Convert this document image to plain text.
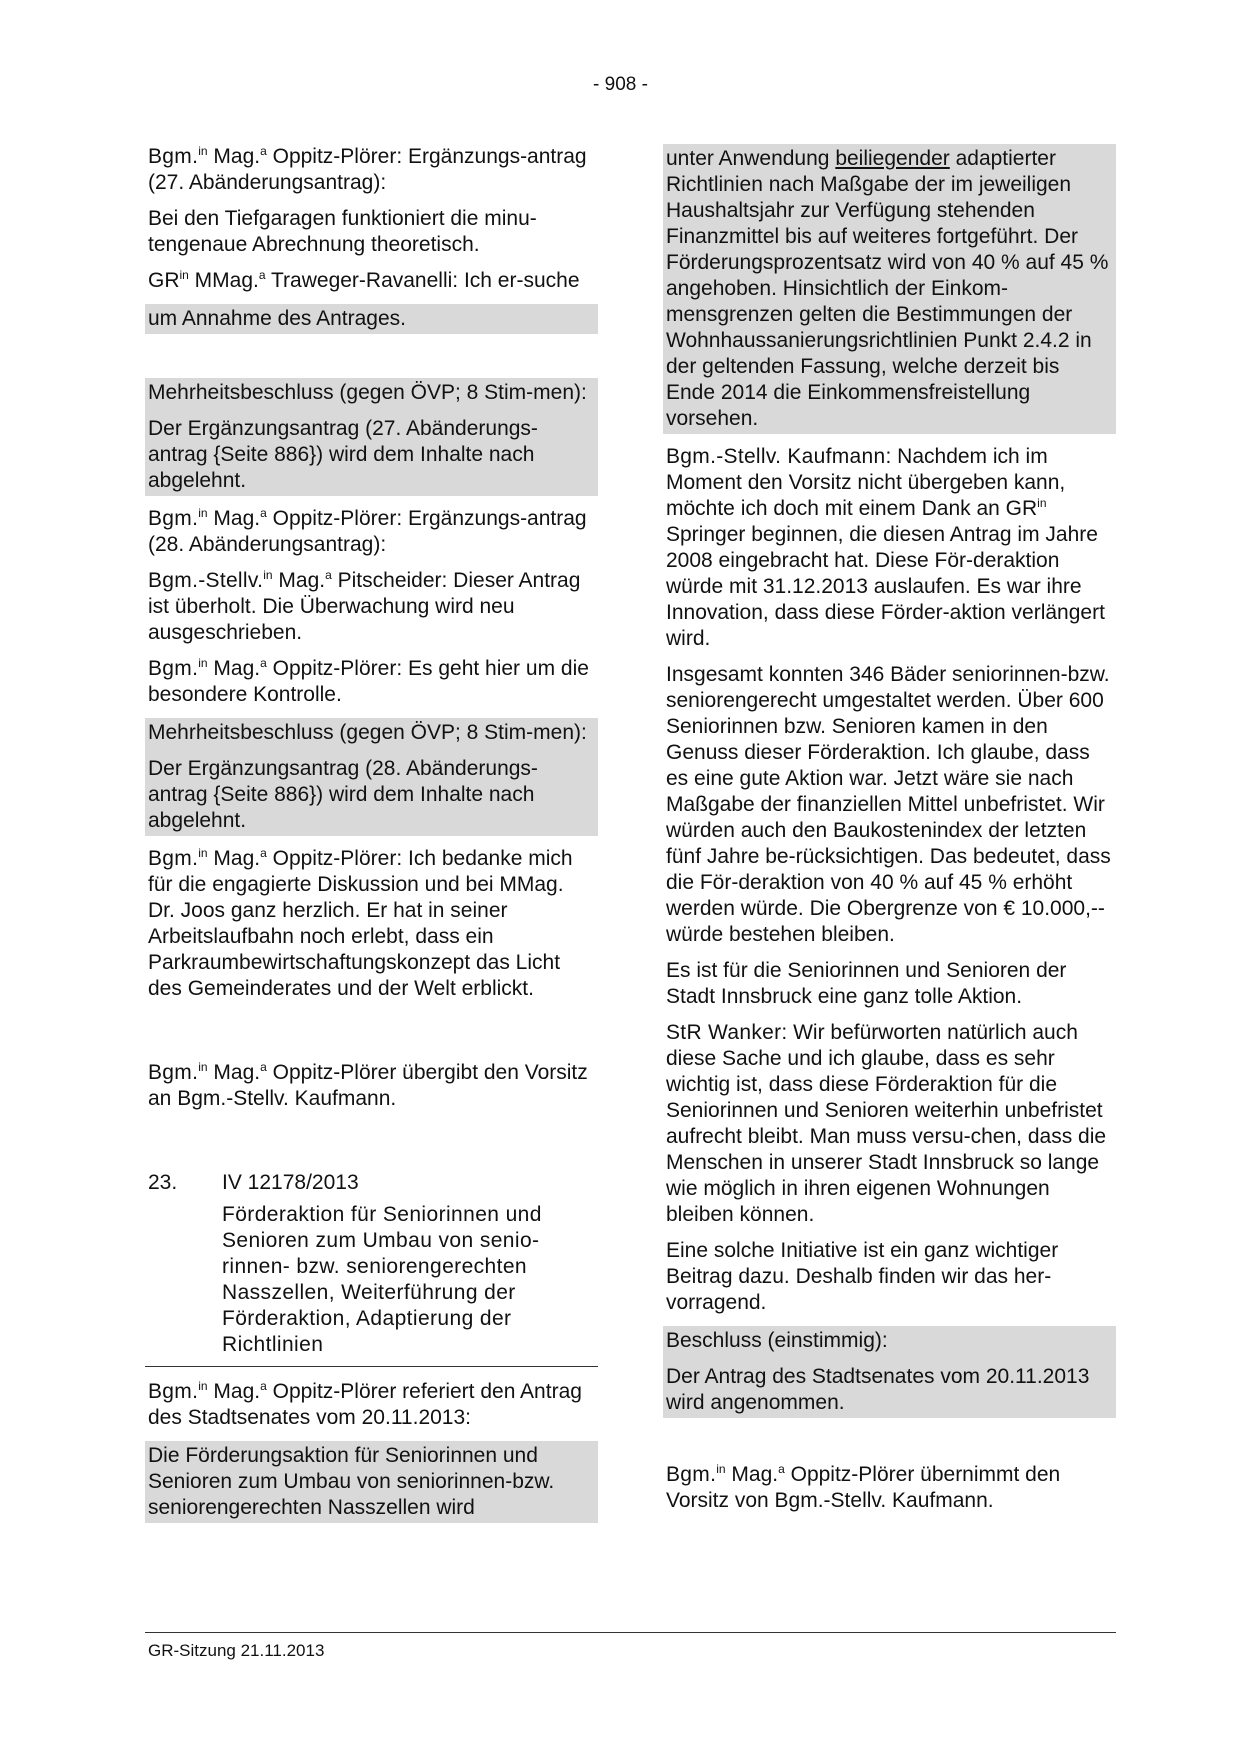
- 908 -

Bgm.$^{in}$ Mag.$^a$ Oppitz-Plörer: Ergänzungs-antrag (27. Abänderungsantrag):

Bei den Tiefgaragen funktioniert die minu-tengenaue Abrechnung theoretisch.

$GR^{in}$ MMag.$^a$ Traweger-Ravanelli: Ich er-suche

um Annahme des Antrages.

Mehrheitsbeschluss (gegen ÖVP; 8 Stim-men):

Der Ergänzungsantrag (27. Abänderungs-antrag {Seite 886}) wird dem Inhalte nach abgelehnt.

Bgm.$^{in}$ Mag.$^a$ Oppitz-Plörer: Ergänzungs-antrag (28. Abänderungsantrag):

Bgm.-Stellv.$^{in}$ Mag.$^a$ Pitscheider: Dieser Antrag ist überholt. Die Überwachung wird neu ausgeschrieben.

Bgm.$^{in}$ Mag.$^a$ Oppitz-Plörer: Es geht hier um die besondere Kontrolle.

Mehrheitsbeschluss (gegen ÖVP; 8 Stim-men):

Der Ergänzungsantrag (28. Abänderungs-antrag {Seite 886}) wird dem Inhalte nach abgelehnt.

Bgm.$^{in}$ Mag.$^a$ Oppitz-Plörer: Ich bedanke mich für die engagierte Diskussion und bei MMag. Dr. Joos ganz herzlich. Er hat in seiner Arbeitslaufbahn noch erlebt, dass ein Parkraumbewirtschaftungskonzept das Licht des Gemeinderates und der Welt erblickt.

Bgm.$^{in}$ Mag.$^a$ Oppitz-Plörer übergibt den Vorsitz an Bgm.-Stellv. Kaufmann.

23.	IV 12178/2013

Förderaktion für Seniorinnen und Senioren zum Umbau von senio-rinnen- bzw. seniorengerechten Nasszellen, Weiterführung der Förderaktion, Adaptierung der Richtlinien

Bgm.$^{in}$ Mag.$^a$ Oppitz-Plörer referiert den Antrag des Stadtsenates vom 20.11.2013:

Die Förderungsaktion für Seniorinnen und Senioren zum Umbau von seniorinnen-bzw. seniorengerechten Nasszellen wird

unter Anwendung beiliegender adaptierter Richtlinien nach Maßgabe der im jeweiligen Haushaltsjahr zur Verfügung stehenden Finanzmittel bis auf weiteres fortgeführt. Der Förderungsprozentsatz wird von 40 % auf 45 % angehoben. Hinsichtlich der Einkom-mensgrenzen gelten die Bestimmungen der Wohnhaussanierungsrichtlinien Punkt 2.4.2 in der geltenden Fassung, welche derzeit bis Ende 2014 die Einkommensfreistellung vorsehen.

Bgm.-Stellv. Kaufmann: Nachdem ich im Moment den Vorsitz nicht übergeben kann, möchte ich doch mit einem Dank an $GR^{in}$ Springer beginnen, die diesen Antrag im Jahre 2008 eingebracht hat. Diese För-deraktion würde mit 31.12.2013 auslaufen. Es war ihre Innovation, dass diese Förder-aktion verlängert wird.

Insgesamt konnten 346 Bäder seniorinnen-bzw. seniorengerecht umgestaltet werden. Über 600 Seniorinnen bzw. Senioren kamen in den Genuss dieser Förderaktion. Ich glaube, dass es eine gute Aktion war. Jetzt wäre sie nach Maßgabe der finanziellen Mittel unbefristet. Wir würden auch den Baukostenindex der letzten fünf Jahre be-rücksichtigen. Das bedeutet, dass die För-deraktion von 40 % auf 45 % erhöht werden würde. Die Obergrenze von € 10.000,-- würde bestehen bleiben.

Es ist für die Seniorinnen und Senioren der Stadt Innsbruck eine ganz tolle Aktion.

StR Wanker: Wir befürworten natürlich auch diese Sache und ich glaube, dass es sehr wichtig ist, dass diese Förderaktion für die Seniorinnen und Senioren weiterhin unbefristet aufrecht bleibt. Man muss versu-chen, dass die Menschen in unserer Stadt Innsbruck so lange wie möglich in ihren eigenen Wohnungen bleiben können.

Eine solche Initiative ist ein ganz wichtiger Beitrag dazu. Deshalb finden wir das her-vorragend.

Beschluss (einstimmig):

Der Antrag des Stadtsenates vom 20.11.2013 wird angenommen.

Bgm.$^{in}$ Mag.$^a$ Oppitz-Plörer übernimmt den Vorsitz von Bgm.-Stellv. Kaufmann.

GR-Sitzung 21.11.2013
